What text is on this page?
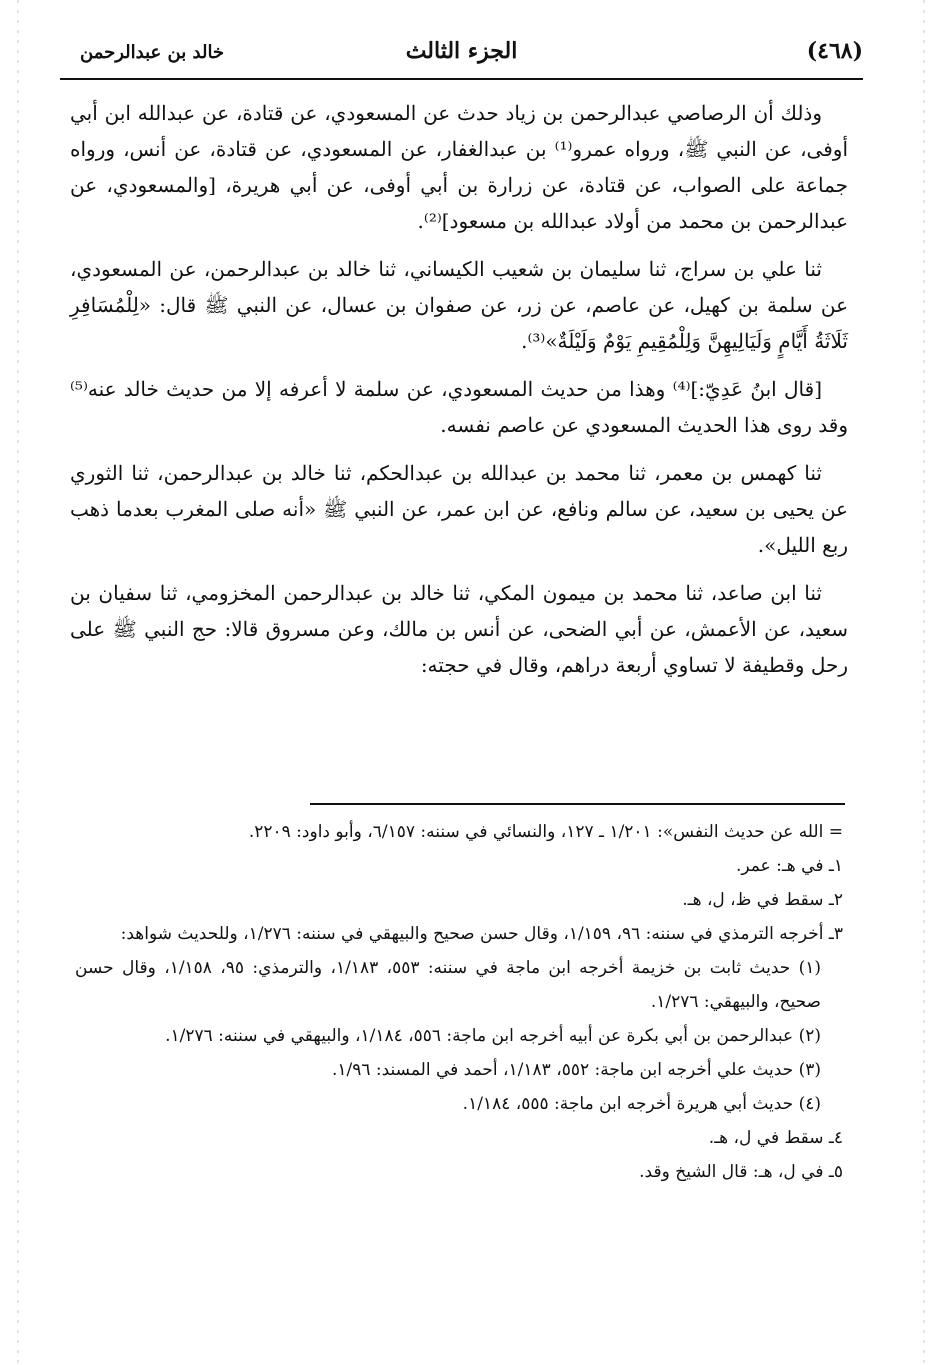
(٤٦٨)
الجزء الثالث
خالد بن عبدالرحمن

وذلك أن الرصاصي عبدالرحمن بن زياد حدث عن المسعودي، عن قتادة، عن عبدالله ابن أبي أوفى، عن النبي ﷺ، ورواه عمرو⁽¹⁾ بن عبدالغفار، عن المسعودي، عن قتادة، عن أنس، ورواه جماعة على الصواب، عن قتادة، عن زرارة بن أبي أوفى، عن أبي هريرة، [والمسعودي، عن عبدالرحمن بن محمد من أولاد عبدالله بن مسعود]⁽²⁾.

ثنا علي بن سراج، ثنا سليمان بن شعيب الكيساني، ثنا خالد بن عبدالرحمن، عن المسعودي، عن سلمة بن كهيل، عن عاصم، عن زر، عن صفوان بن عسال، عن النبي ﷺ قال: «لِلْمُسَافِرِ ثَلَاثَةُ أَيَّامٍ وَلَيَالِيهِنَّ وَلِلْمُقِيمِ يَوْمٌ وَلَيْلَةٌ»⁽³⁾.

[قال ابنُ عَدِيّ:]⁽⁴⁾ وهذا من حديث المسعودي، عن سلمة لا أعرفه إلا من حديث خالد عنه⁽⁵⁾ وقد روى هذا الحديث المسعودي عن عاصم نفسه.

ثنا كهمس بن معمر، ثنا محمد بن عبدالله بن عبدالحكم، ثنا خالد بن عبدالرحمن، ثنا الثوري عن يحيى بن سعيد، عن سالم ونافع، عن ابن عمر، عن النبي ﷺ «أنه صلى المغرب بعدما ذهب ربع الليل».

ثنا ابن صاعد، ثنا محمد بن ميمون المكي، ثنا خالد بن عبدالرحمن المخزومي، ثنا سفيان بن سعيد، عن الأعمش، عن أبي الضحى، عن أنس بن مالك، وعن مسروق قالا: حج النبي ﷺ على رحل وقطيفة لا تساوي أربعة دراهم، وقال في حجته:

= الله عن حديث النفس»: ١/٢٠١ ـ ١٢٧، والنسائي في سننه: ٦/١٥٧، وأبو داود: ٢٢٠٩.

١ـ في هـ: عمر.

٢ـ سقط في ظ، ل، هـ.

٣ـ أخرجه الترمذي في سننه: ٩٦، ١/١٥٩، وقال حسن صحيح والبيهقي في سننه: ١/٢٧٦، وللحديث شواهد:

(١) حديث ثابت بن خزيمة أخرجه ابن ماجة في سننه: ٥٥٣، ١/١٨٣، والترمذي: ٩٥، ١/١٥٨، وقال حسن صحيح، والبيهقي: ١/٢٧٦.

(٢) عبدالرحمن بن أبي بكرة عن أبيه أخرجه ابن ماجة: ٥٥٦، ١/١٨٤، والبيهقي في سننه: ١/٢٧٦.

(٣) حديث علي أخرجه ابن ماجة: ٥٥٢، ١/١٨٣، أحمد في المسند: ١/٩٦.

(٤) حديث أبي هريرة أخرجه ابن ماجة: ٥٥٥، ١/١٨٤.

٤ـ سقط في ل، هـ.

٥ـ في ل، هـ: قال الشيخ وقد.
